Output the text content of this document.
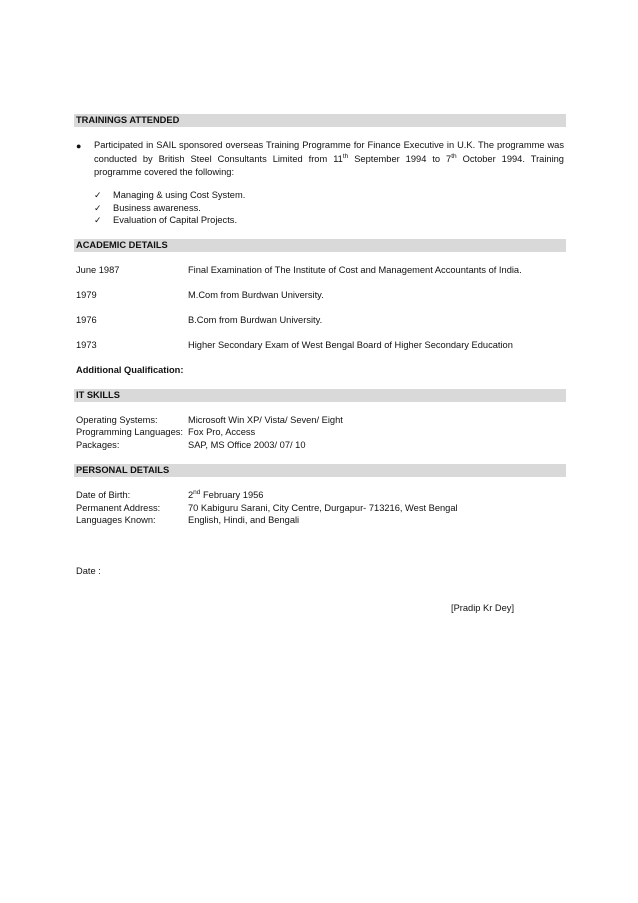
TRAININGS ATTENDED
● Participated in SAIL sponsored overseas Training Programme for Finance Executive in U.K. The programme was conducted by British Steel Consultants Limited from 11th September 1994 to 7th October 1994. Training programme covered the following:
✓ Managing & using Cost System.
✓ Business awareness.
✓ Evaluation of Capital Projects.
ACADEMIC DETAILS
June 1987	Final Examination of The Institute of Cost and Management Accountants of India.
1979	M.Com from Burdwan University.
1976	B.Com from Burdwan University.
1973	Higher Secondary Exam of West Bengal Board of Higher Secondary Education
Additional Qualification:
IT SKILLS
Operating Systems:	Microsoft Win XP/ Vista/ Seven/ Eight
Programming Languages: Fox Pro, Access
Packages:	SAP, MS Office 2003/ 07/ 10
PERSONAL DETAILS
Date of Birth:	2nd February 1956
Permanent Address:	70 Kabiguru Sarani, City Centre, Durgapur- 713216, West Bengal
Languages Known:	English, Hindi, and Bengali
Date :
[Pradip Kr Dey]
